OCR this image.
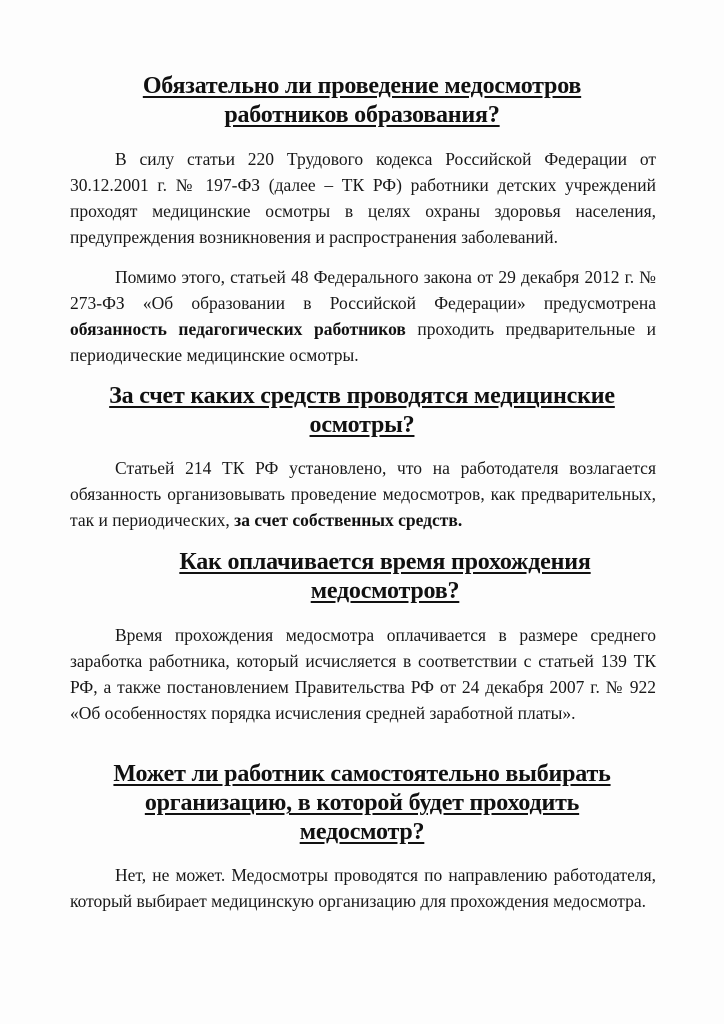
Обязательно ли проведение медосмотров работников образования?

В силу статьи 220 Трудового кодекса Российской Федерации от 30.12.2001 г. № 197-ФЗ (далее – ТК РФ) работники детских учреждений проходят медицинские осмотры в целях охраны здоровья населения, предупреждения возникновения и распространения заболеваний.

Помимо этого, статьей 48 Федерального закона от 29 декабря 2012 г. № 273-ФЗ «Об образовании в Российской Федерации» предусмотрена обязанность педагогических работников проходить предварительные и периодические медицинские осмотры.

За счет каких средств проводятся медицинские осмотры?

Статьей 214 ТК РФ установлено, что на работодателя возлагается обязанность организовывать проведение медосмотров, как предварительных, так и периодических, за счет собственных средств.

Как оплачивается время прохождения медосмотров?

Время прохождения медосмотра оплачивается в размере среднего заработка работника, который исчисляется в соответствии с статьей 139 ТК РФ, а также постановлением Правительства РФ от 24 декабря 2007 г. № 922 «Об особенностях порядка исчисления средней заработной платы».

Может ли работник самостоятельно выбирать организацию, в которой будет проходить медосмотр?

Нет, не может. Медосмотры проводятся по направлению работодателя, который выбирает медицинскую организацию для прохождения медосмотра.
